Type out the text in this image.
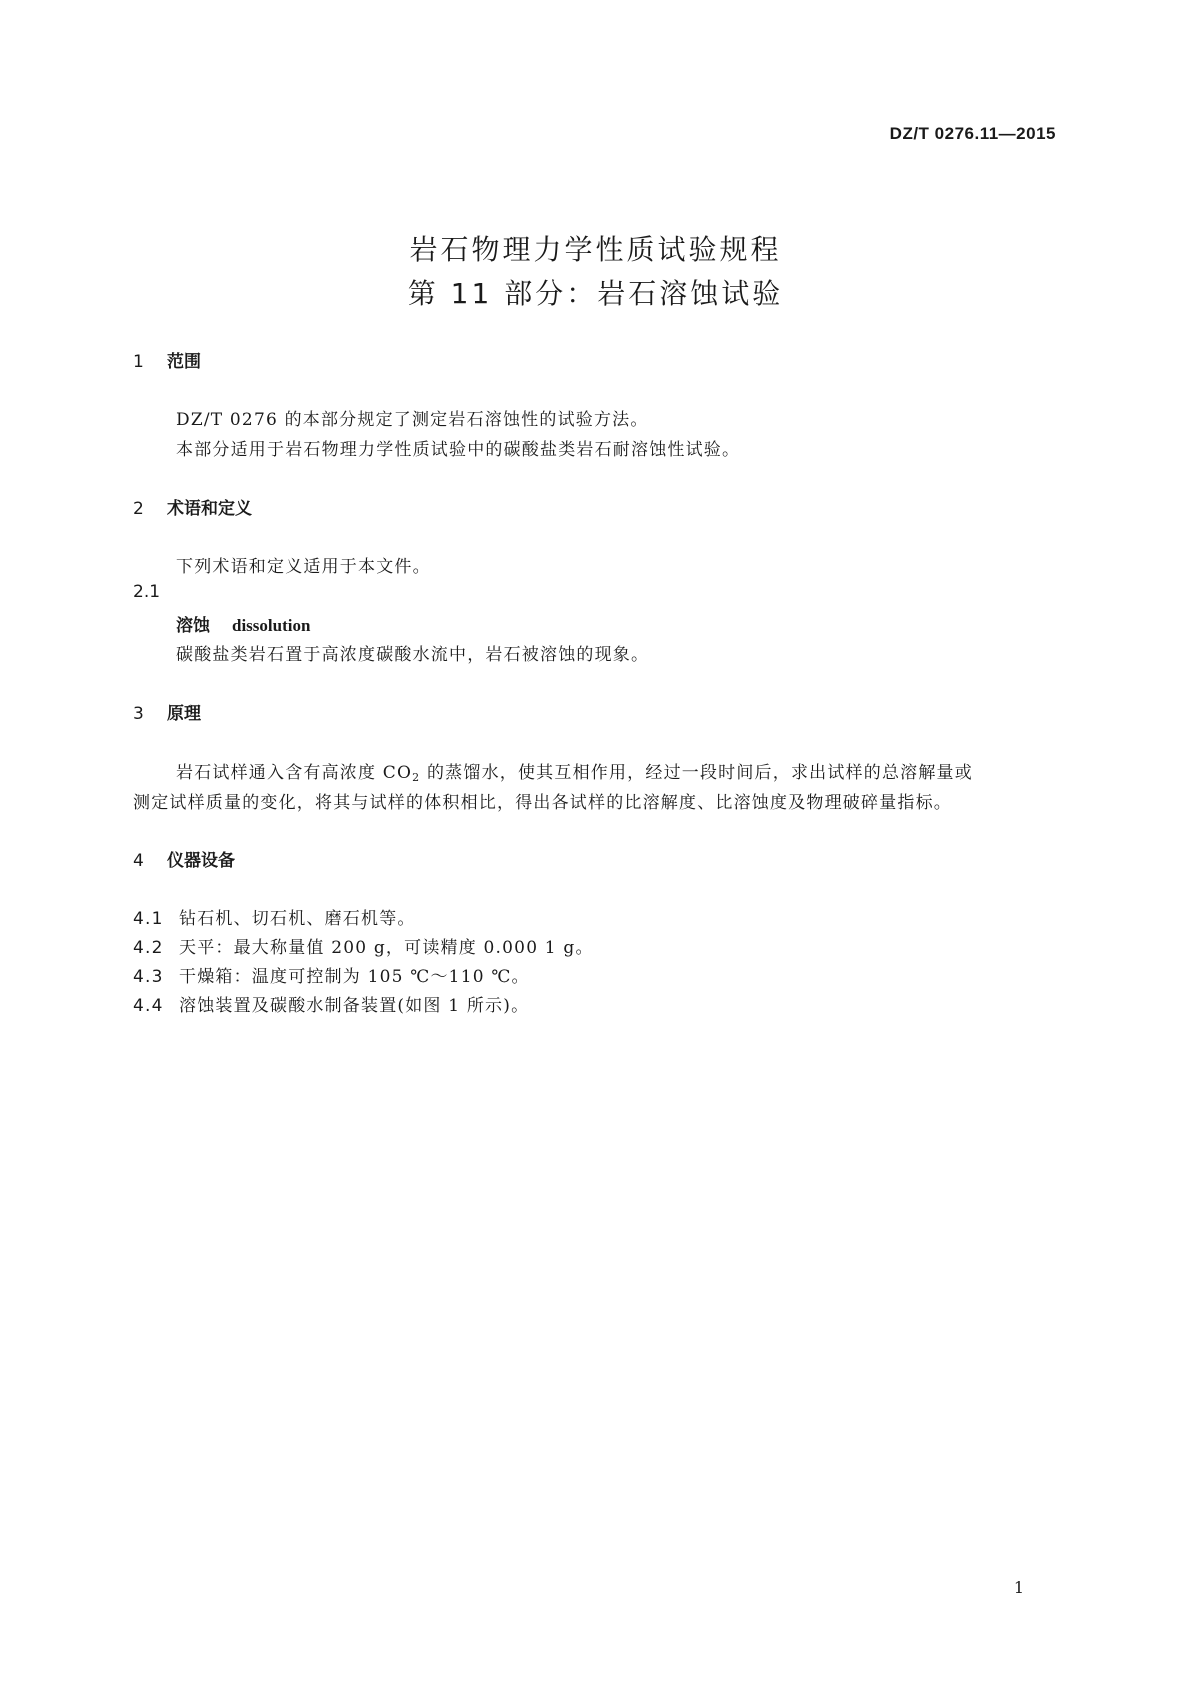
DZ/T 0276.11—2015
岩石物理力学性质试验规程
第 11 部分：岩石溶蚀试验
1 范围
DZ/T 0276 的本部分规定了测定岩石溶蚀性的试验方法。
本部分适用于岩石物理力学性质试验中的碳酸盐类岩石耐溶蚀性试验。
2 术语和定义
下列术语和定义适用于本文件。
2.1
溶蚀 dissolution
碳酸盐类岩石置于高浓度碳酸水流中，岩石被溶蚀的现象。
3 原理
岩石试样通入含有高浓度 $CO_2$ 的蒸馏水，使其互相作用，经过一段时间后，求出试样的总溶解量或
测定试样质量的变化，将其与试样的体积相比，得出各试样的比溶解度、比溶蚀度及物理破碎量指标。
4 仪器设备
4.1 钻石机、切石机、磨石机等。
4.2 天平：最大称量值 200 g，可读精度 0.000 1 g。
4.3 干燥箱：温度可控制为 105 ℃～110 ℃。
4.4 溶蚀装置及碳酸水制备装置(如图 1 所示)。
1
